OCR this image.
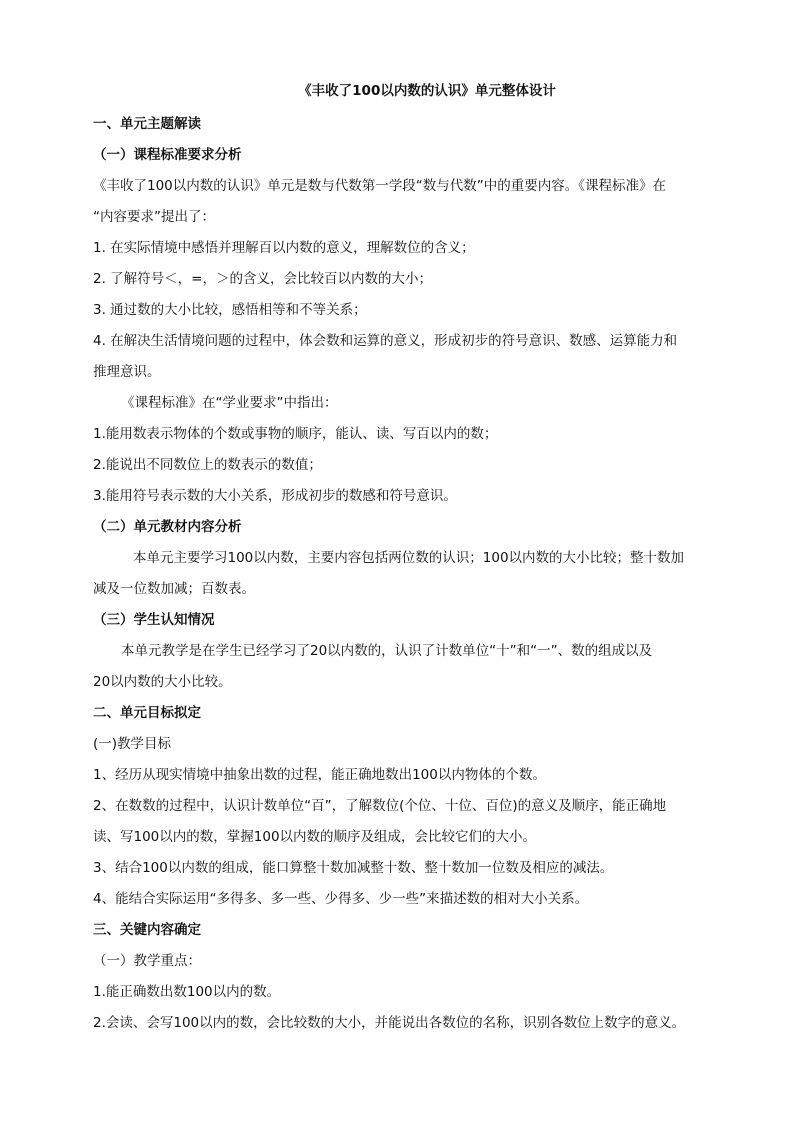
《丰收了100以内数的认识》单元整体设计
一、单元主题解读
（一）课程标准要求分析
《丰收了100以内数的认识》单元是数与代数第一学段“数与代数”中的重要内容。《课程标准》在
“内容要求”提出了：
1. 在实际情境中感悟并理解百以内数的意义，理解数位的含义；
2. 了解符号＜，=，＞的含义，会比较百以内数的大小；
3. 通过数的大小比较，感悟相等和不等关系；
4. 在解决生活情境问题的过程中，体会数和运算的意义，形成初步的符号意识、数感、运算能力和
推理意识。
《课程标准》在“学业要求”中指出：
1.能用数表示物体的个数或事物的顺序，能认、读、写百以内的数；
2.能说出不同数位上的数表示的数值；
3.能用符号表示数的大小关系，形成初步的数感和符号意识。
（二）单元教材内容分析
本单元主要学习100以内数，主要内容包括两位数的认识；100以内数的大小比较；整十数加
减及一位数加减；百数表。
（三）学生认知情况
本单元教学是在学生已经学习了20以内数的，认识了计数单位“十”和“一”、数的组成以及
20以内数的大小比较。
二、单元目标拟定
(一)教学目标
1、经历从现实情境中抽象出数的过程，能正确地数出100以内物体的个数。
2、在数数的过程中，认识计数单位“百”，了解数位(个位、十位、百位)的意义及顺序，能正确地
读、写100以内的数，掌握100以内数的顺序及组成，会比较它们的大小。
3、结合100以内数的组成，能口算整十数加减整十数、整十数加一位数及相应的减法。
4、能结合实际运用“多得多、多一些、少得多、少一些”来描述数的相对大小关系。
三、关键内容确定
（一）教学重点：
1.能正确数出数100以内的数。
2.会读、会写100以内的数，会比较数的大小，并能说出各数位的名称，识别各数位上数字的意义。
